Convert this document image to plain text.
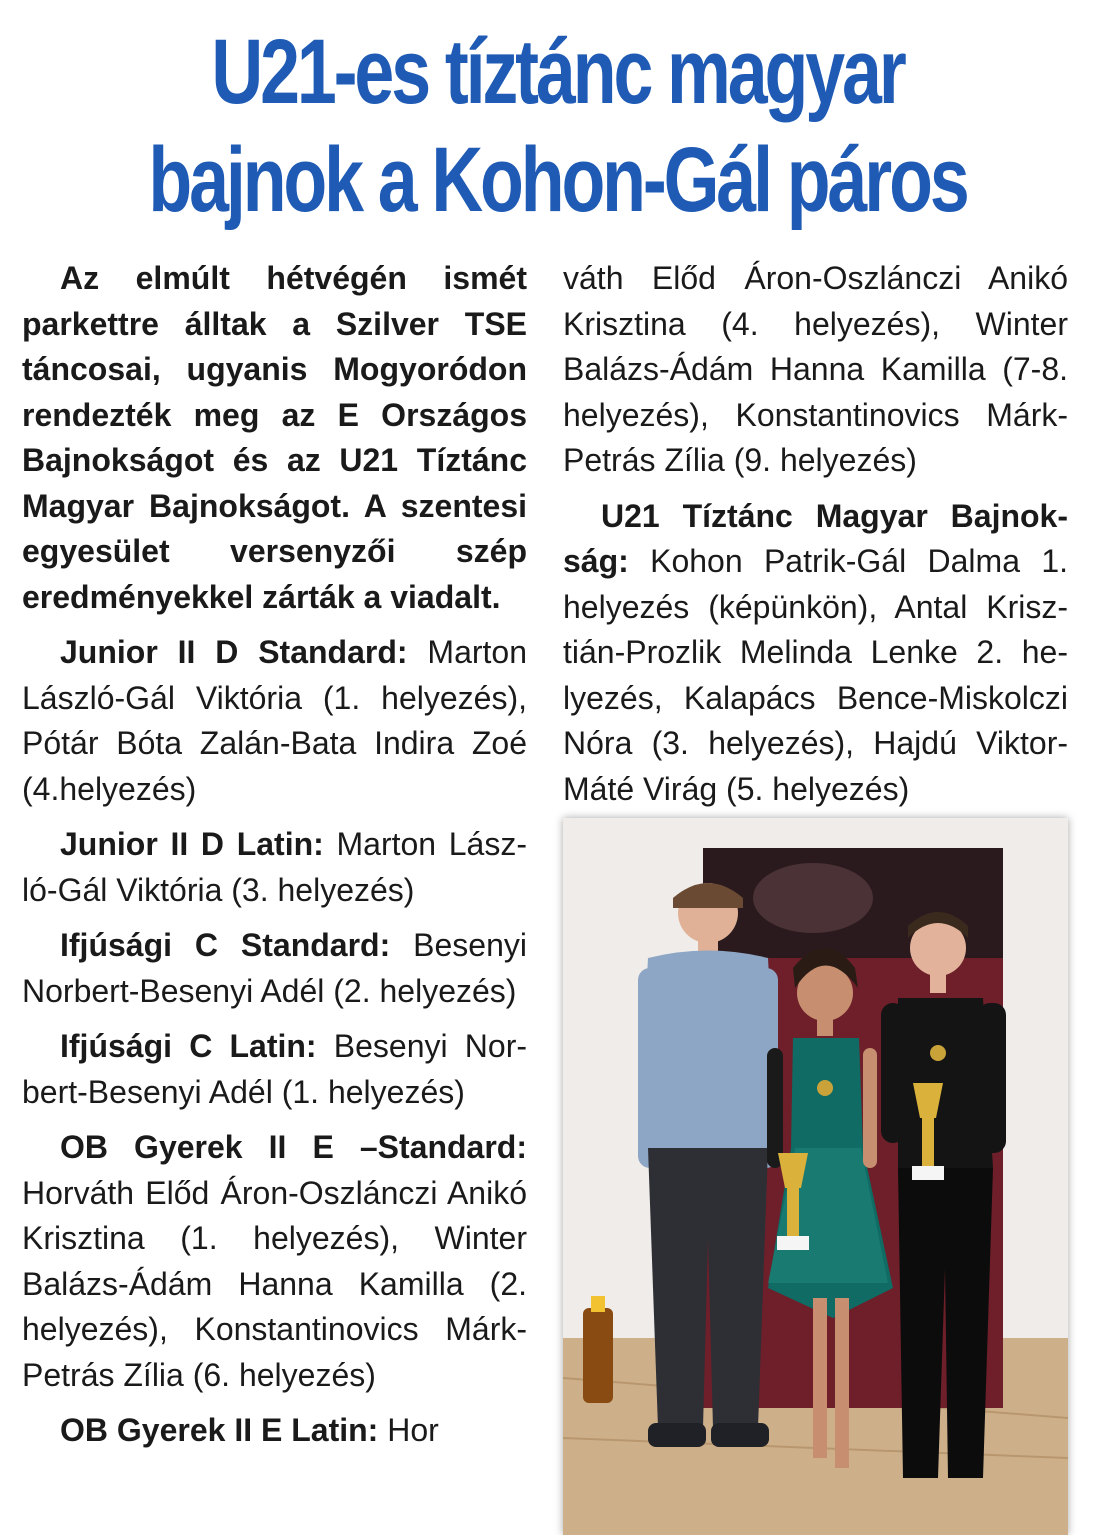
U21-es tíztánc magyar
bajnok a Kohon-Gál páros

Az elmúlt hétvégén ismét parkettre álltak a Szilver TSE táncosai, ugyanis Mogyoródon rendezték meg az E Országos Bajnokságot és az U21 Tíztánc Magyar Bajnokságot. A szentesi egyesület versenyzői szép eredményekkel zárták a viadalt.

Junior II D Standard: Marton László-Gál Viktória (1. helyezés), Pótár Bóta Zalán-Bata Indira Zoé (4.helyezés)

Junior II D Latin: Marton László-Gál Viktória (3. helyezés)

Ifjúsági C Standard: Besenyi Norbert-Besenyi Adél (2. helyezés)

Ifjúsági C Latin: Besenyi Norbert-Besenyi Adél (1. helyezés)

OB Gyerek II E –Standard: Horváth Előd Áron-Oszlánczi Anikó Krisztina (1. helyezés), Winter Balázs-Ádám Hanna Kamilla (2. helyezés), Konstantinovics Márk-Petrás Zília (6. helyezés)

OB Gyerek II E Latin: Hor

váth Előd Áron-Oszlánczi Anikó Krisztina (4. helyezés), Winter Balázs-Ádám Hanna Kamilla (7-8. helyezés), Konstantinovics Márk-Petrás Zília (9. helyezés)

U21 Tíztánc Magyar Bajnokság: Kohon Patrik-Gál Dalma 1. helyezés (képünkön), Antal Krisztián-Prozlik Melinda Lenke 2. helyezés, Kalapács Bence-Miskolczi Nóra (3. helyezés), Hajdú Viktor-Máté Virág (5. helyezés)
